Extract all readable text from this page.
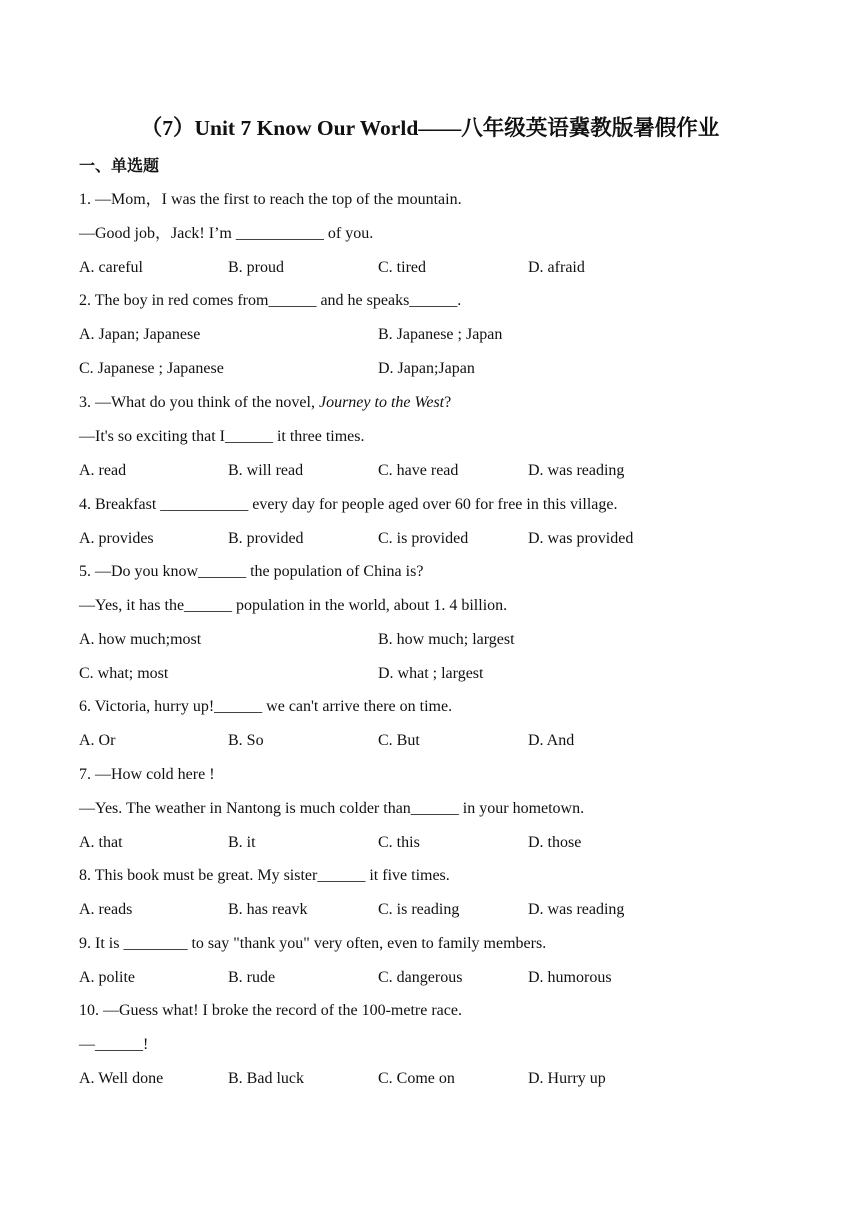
（7）Unit 7 Know Our World——八年级英语冀教版暑假作业
一、单选题
1. —Mom，I was the first to reach the top of the mountain.
—Good job，Jack! I’m ___________ of you.
A. careful	B. proud	C. tired	D. afraid
2. The boy in red comes from______ and he speaks______.
A. Japan; Japanese	B. Japanese ; Japan
C. Japanese ; Japanese	D. Japan;Japan
3. —What do you think of the novel, Journey to the West?
—It's so exciting that I______ it three times.
A. read	B. will read	C. have read	D. was reading
4. Breakfast ___________ every day for people aged over 60 for free in this village.
A. provides	B. provided	C. is provided	D. was provided
5. —Do you know______ the population of China is?
—Yes, it has the______ population in the world, about 1. 4 billion.
A. how much;most	B. how much; largest
C. what; most	D. what ; largest
6. Victoria, hurry up!______ we can't arrive there on time.
A. Or	B. So	C. But	D. And
7. —How cold here !
—Yes. The weather in Nantong is much colder than______ in your hometown.
A. that	B. it	C. this	D. those
8. This book must be great. My sister______ it five times.
A. reads	B. has reavk	C. is reading	D. was reading
9. It is ________ to say "thank you" very often, even to family members.
A. polite	B. rude	C. dangerous	D. humorous
10. —Guess what! I broke the record of the 100-metre race.
—______!
A. Well done	B. Bad luck	C. Come on	D. Hurry up
